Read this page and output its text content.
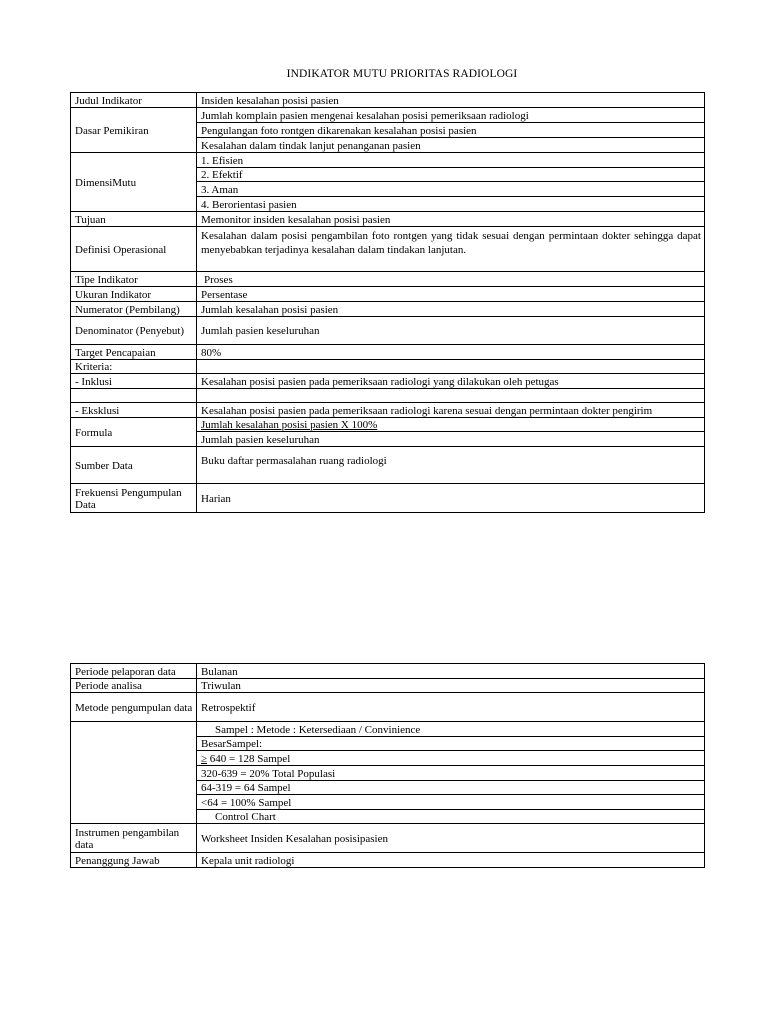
INDIKATOR MUTU PRIORITAS RADIOLOGI
Judul Indikator	Insiden kesalahan posisi pasien
Dasar Pemikiran	Jumlah komplain pasien mengenai kesalahan posisi pemeriksaan radiologi
	Pengulangan foto rontgen dikarenakan kesalahan posisi pasien
	Kesalahan dalam tindak lanjut penanganan pasien
DimensiMutu	1. Efisien
	2. Efektif
	3. Aman
	4. Berorientasi pasien
Tujuan	Memonitor insiden kesalahan posisi pasien
Definisi Operasional	Kesalahan dalam posisi pengambilan foto rontgen yang tidak sesuai dengan permintaan dokter sehingga dapat menyebabkan terjadinya kesalahan dalam tindakan lanjutan.
Tipe Indikator	Proses
Ukuran Indikator	Persentase
Numerator (Pembilang)	Jumlah kesalahan posisi pasien
Denominator (Penyebut)	Jumlah pasien keseluruhan
Target Pencapaian	80%
Kriteria:	
- Inklusi	Kesalahan posisi pasien pada pemeriksaan radiologi yang dilakukan oleh petugas

- Eksklusi	Kesalahan posisi pasien pada pemeriksaan radiologi karena sesuai dengan permintaan dokter pengirim
Formula	Jumlah kesalahan posisi pasien X 100%
	Jumlah pasien keseluruhan
Sumber Data	Buku daftar permasalahan ruang radiologi
Frekuensi Pengumpulan Data	Harian
Periode pelaporan data	Bulanan
Periode analisa	Triwulan
Metode pengumpulan data	Retrospektif
	Sampel : Metode : Ketersediaan / Convinience
	BesarSampel:
	≥ 640 = 128 Sampel
	320-639 = 20% Total Populasi
	64-319 = 64 Sampel
	<64 = 100% Sampel
	Control Chart
Instrumen pengambilan data	Worksheet Insiden Kesalahan posisipasien
Penanggung Jawab	Kepala unit radiologi
